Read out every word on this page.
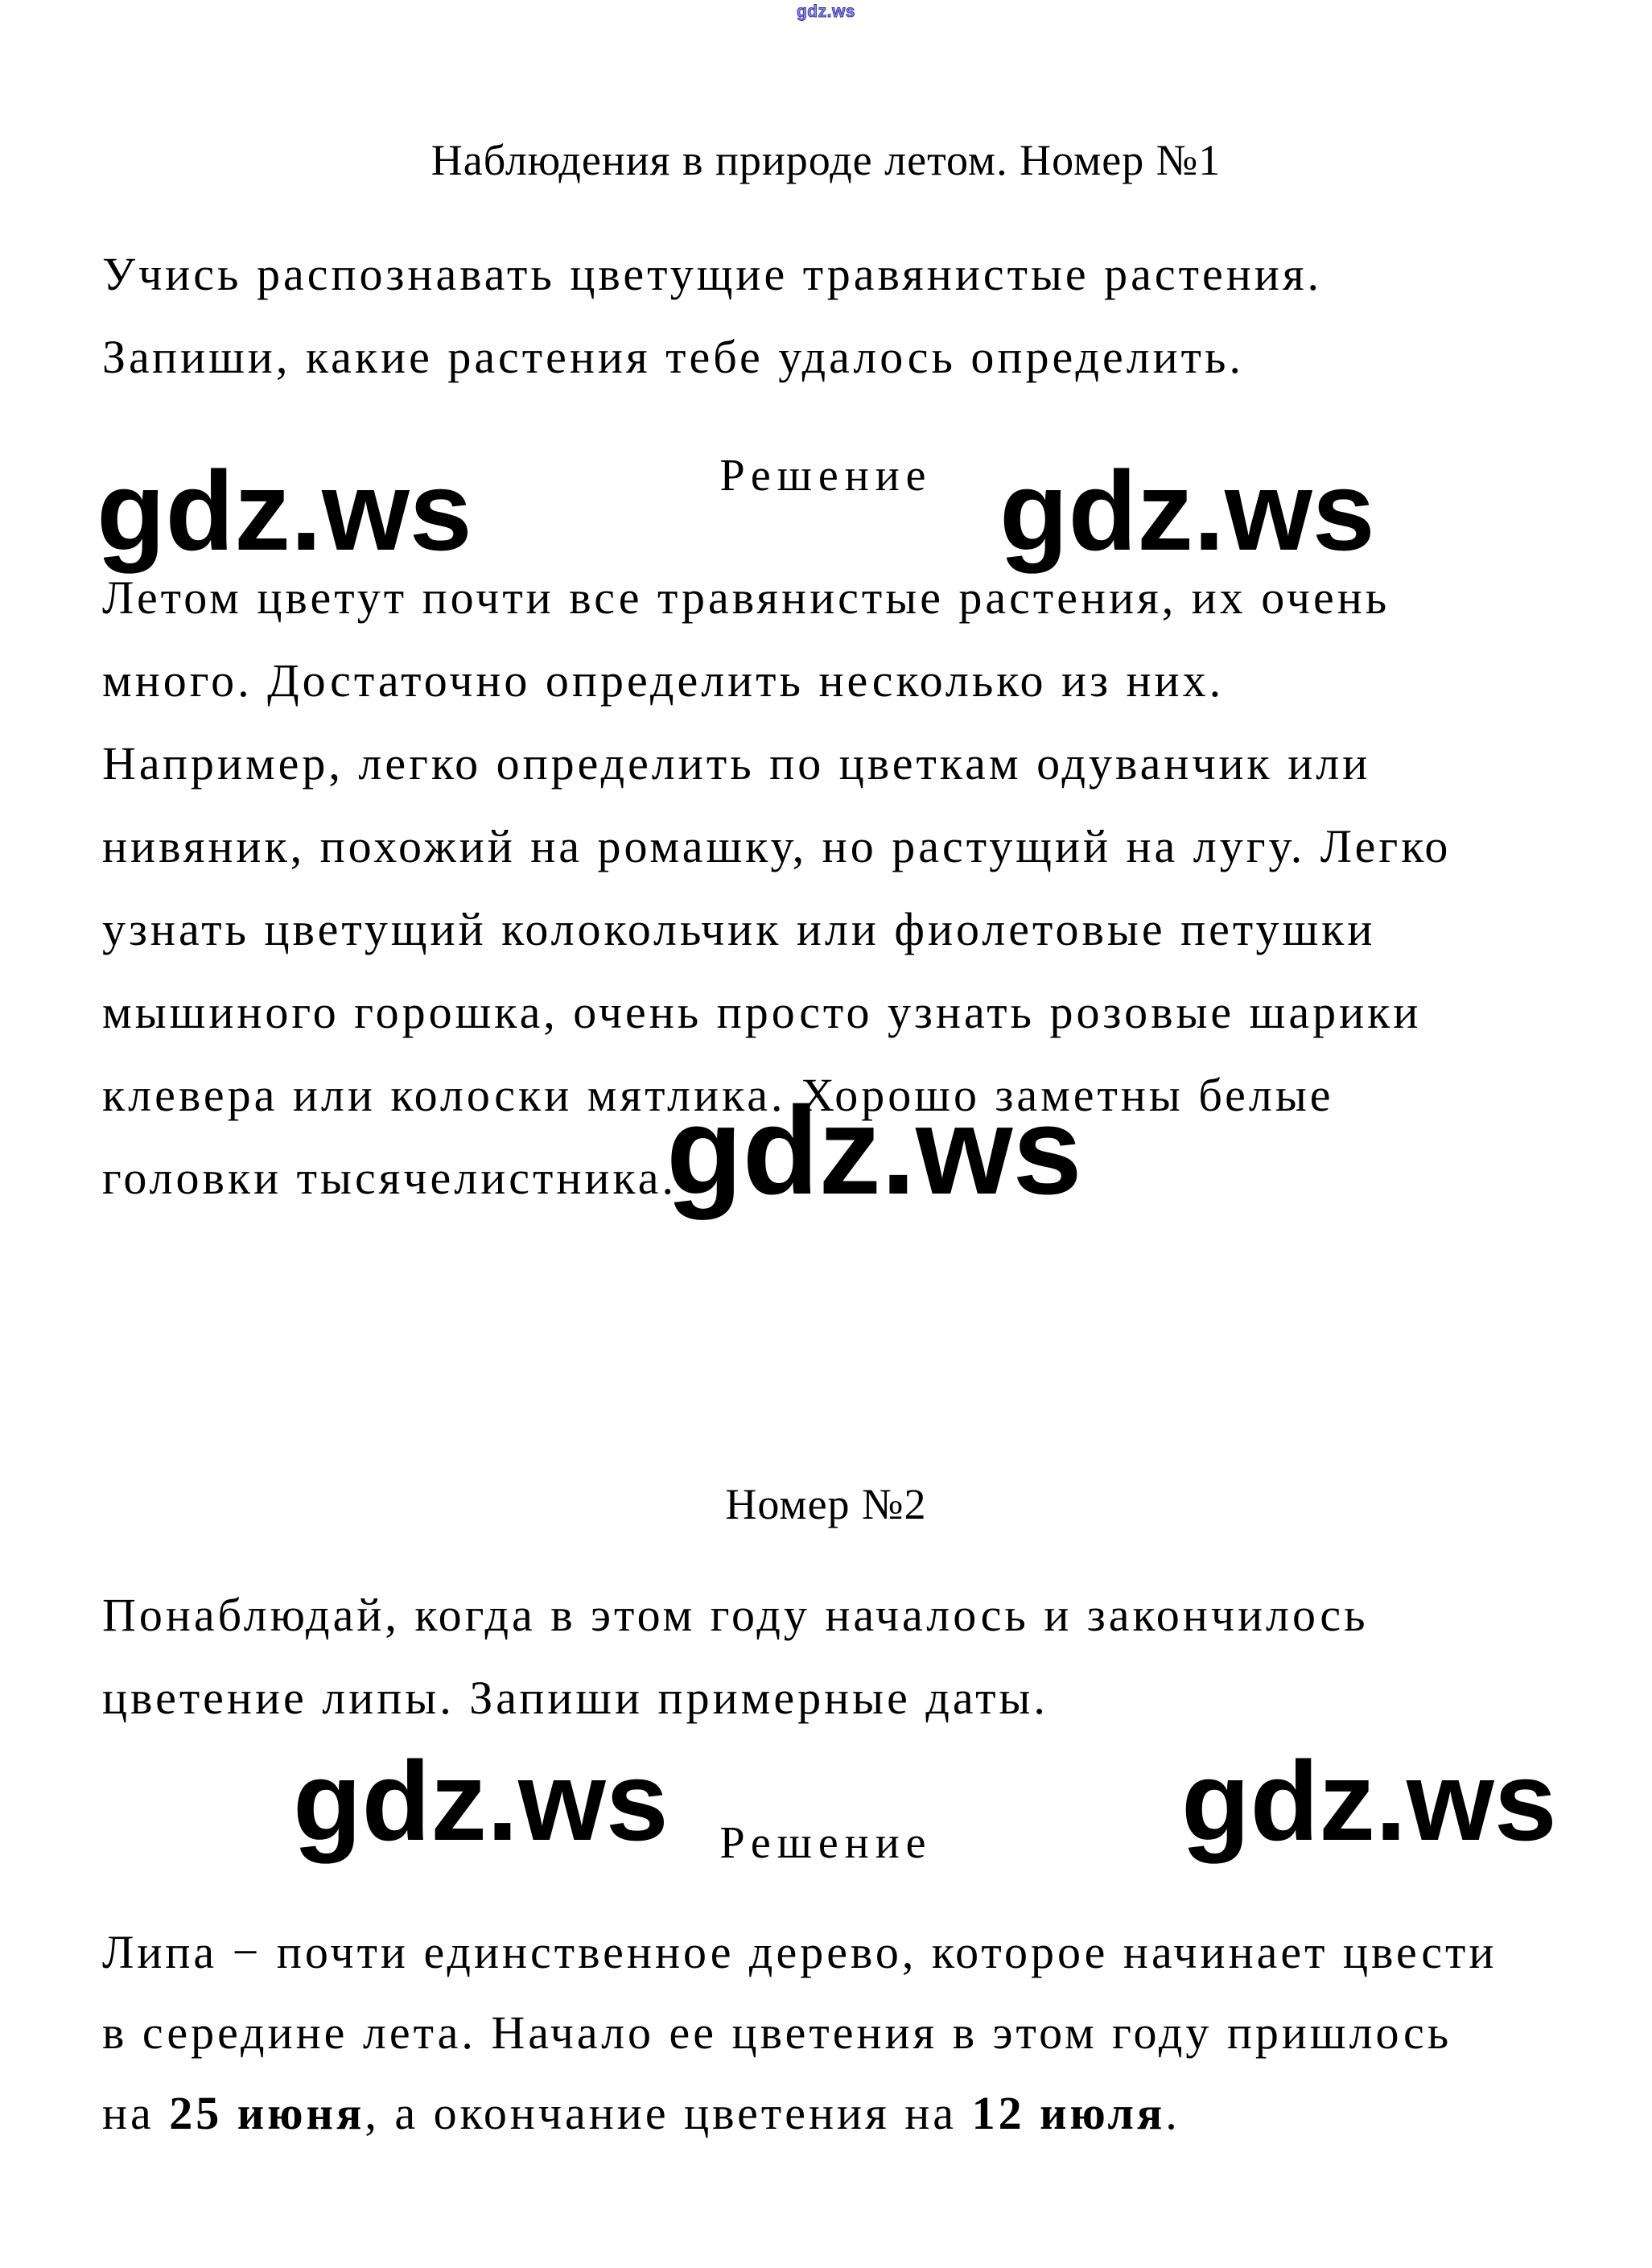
gdz.ws
Наблюдения в природе летом. Номер №1
Учись распознавать цветущие травянистые растения.
Запиши, какие растения тебе удалось определить.
Решение
gdz.ws	gdz.ws
Летом цветут почти все травянистые растения, их очень
много. Достаточно определить несколько из них.
Например, легко определить по цветкам одуванчик или
нивяник, похожий на ромашку, но растущий на лугу. Легко
узнать цветущий колокольчик или фиолетовые петушки
мышиного горошка, очень просто узнать розовые шарики
клевера или колоски мятлика. Хорошо заметны белые
головки тысячелистника.
gdz.ws
Номер №2
Понаблюдай, когда в этом году началось и закончилось
цветение липы. Запиши примерные даты.
Решение
gdz.ws	gdz.ws
Липа − почти единственное дерево, которое начинает цвести
в середине лета. Начало ее цветения в этом году пришлось
на 25 июня, а окончание цветения на 12 июля.
